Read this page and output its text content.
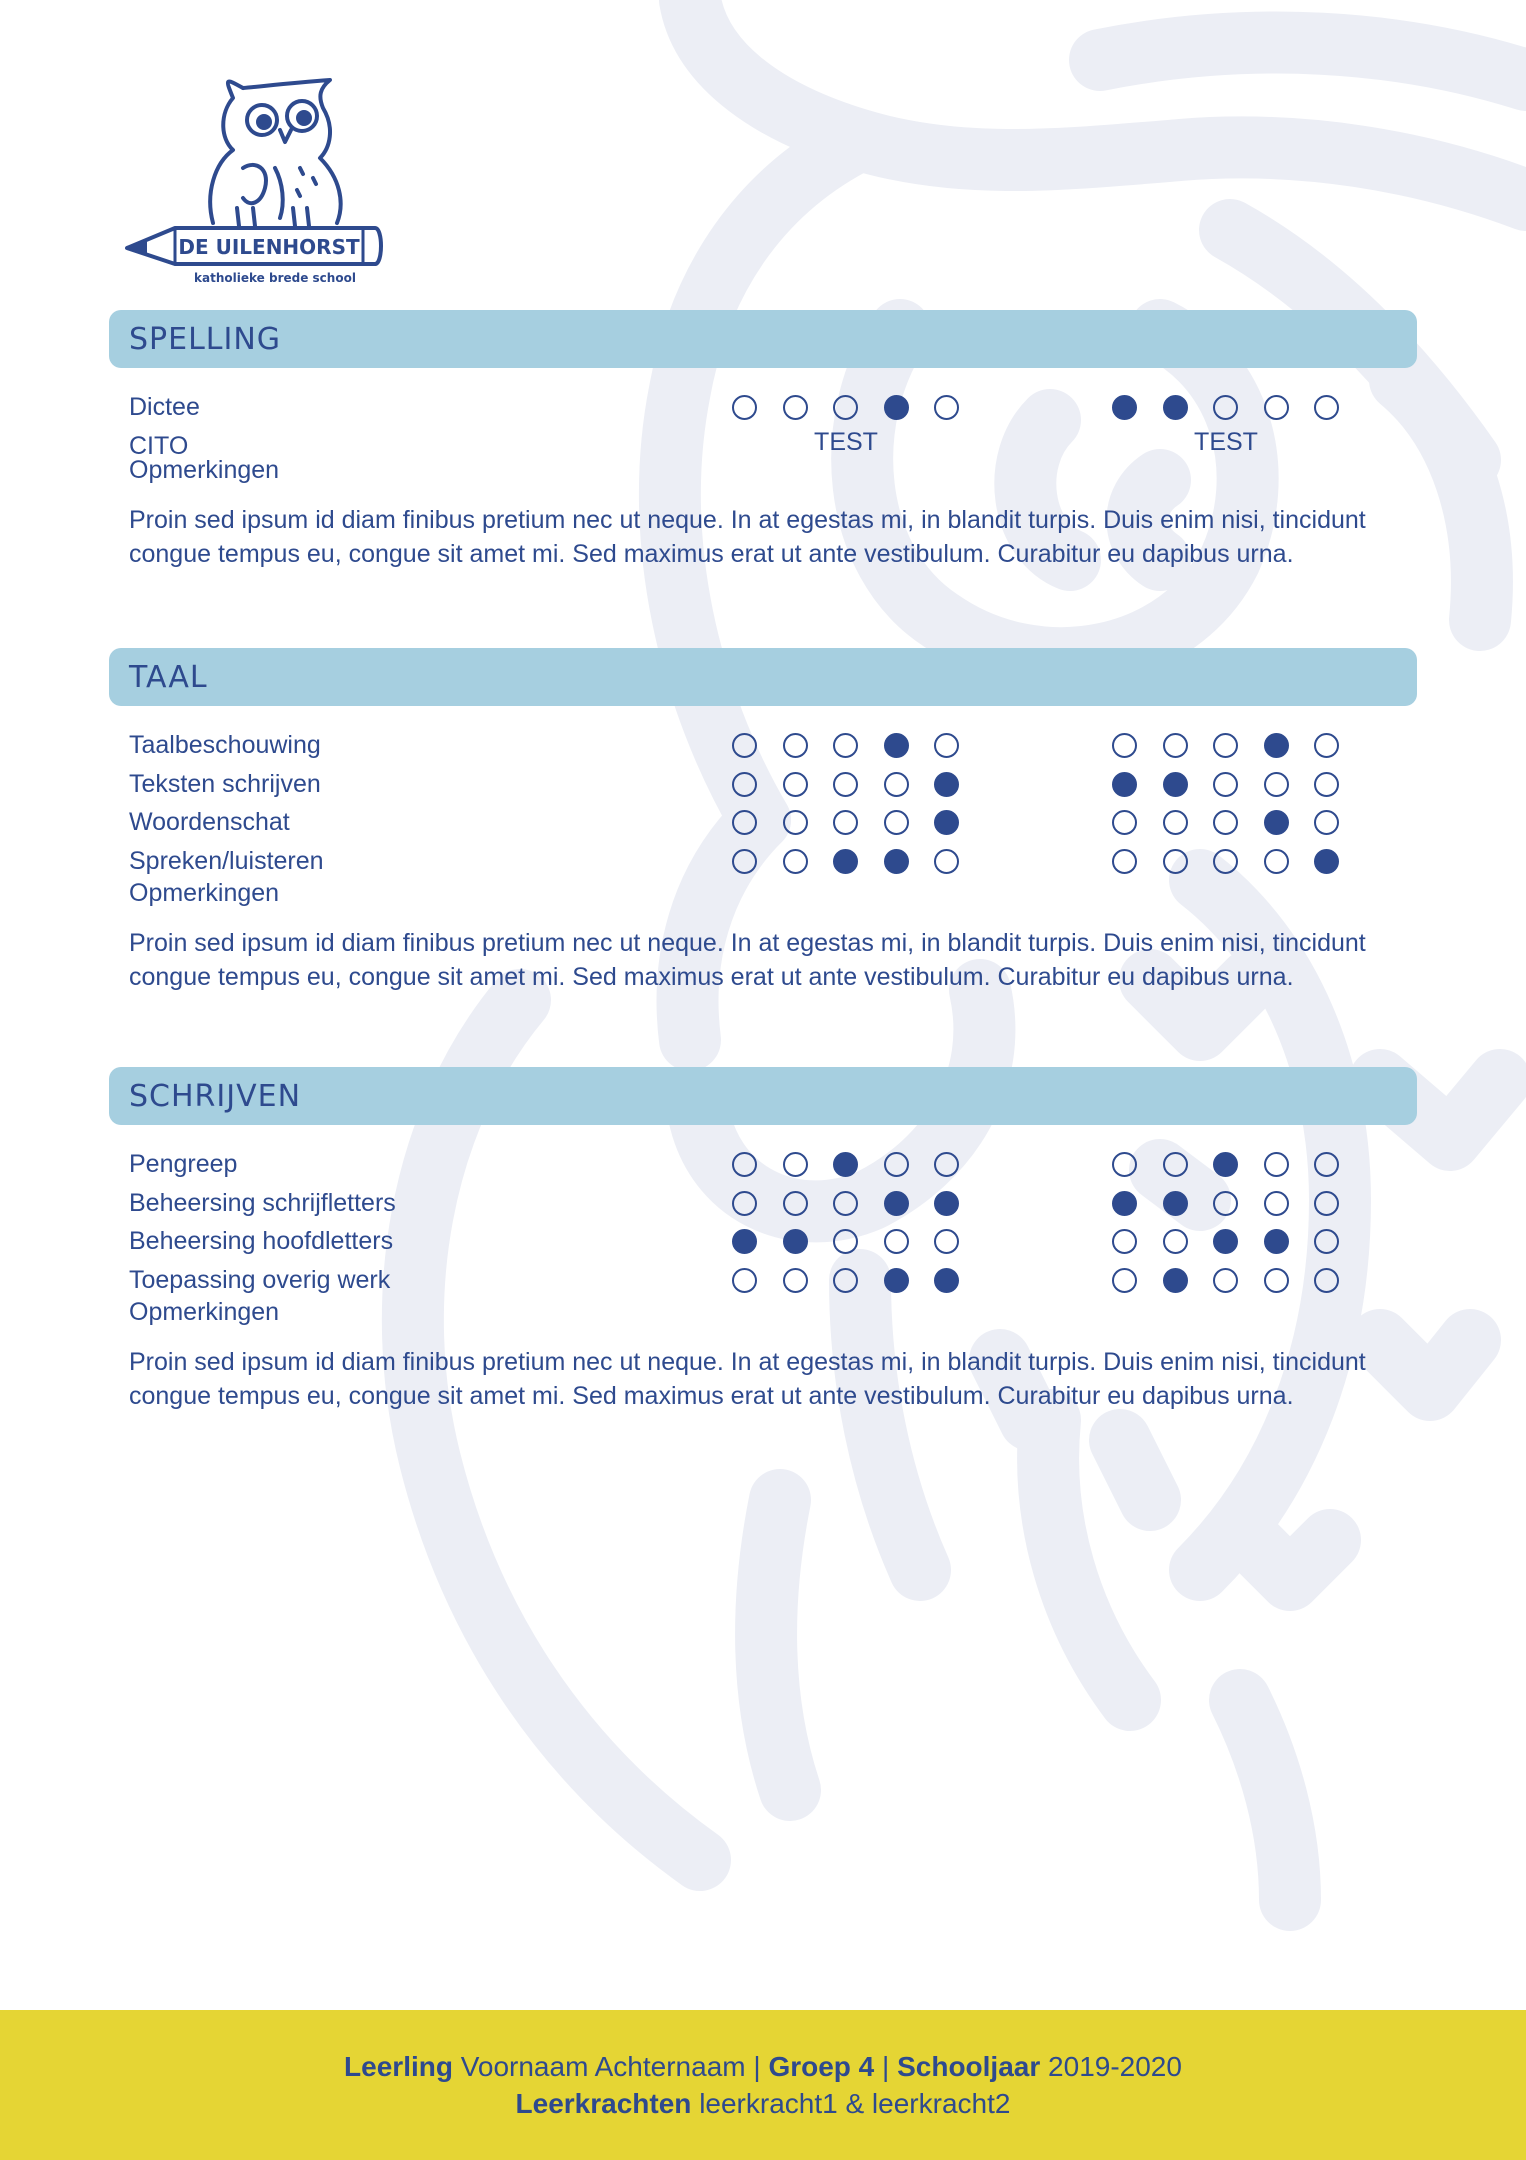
DE UILENHORST
katholieke brede school
SPELLING
Dictee
CITO	TEST	TEST
Opmerkingen
Proin sed ipsum id diam finibus pretium nec ut neque. In at egestas mi, in blandit turpis. Duis enim nisi, tincidunt congue tempus eu, congue sit amet mi. Sed maximus erat ut ante vestibulum. Curabitur eu dapibus urna.
TAAL
Taalbeschouwing
Teksten schrijven
Woordenschat
Spreken/luisteren
Opmerkingen
Proin sed ipsum id diam finibus pretium nec ut neque. In at egestas mi, in blandit turpis. Duis enim nisi, tincidunt congue tempus eu, congue sit amet mi. Sed maximus erat ut ante vestibulum. Curabitur eu dapibus urna.
SCHRIJVEN
Pengreep
Beheersing schrijfletters
Beheersing hoofdletters
Toepassing overig werk
Opmerkingen
Proin sed ipsum id diam finibus pretium nec ut neque. In at egestas mi, in blandit turpis. Duis enim nisi, tincidunt congue tempus eu, congue sit amet mi. Sed maximus erat ut ante vestibulum. Curabitur eu dapibus urna.
Leerling Voornaam Achternaam | Groep 4 | Schooljaar 2019-2020
Leerkrachten leerkracht1 & leerkracht2
